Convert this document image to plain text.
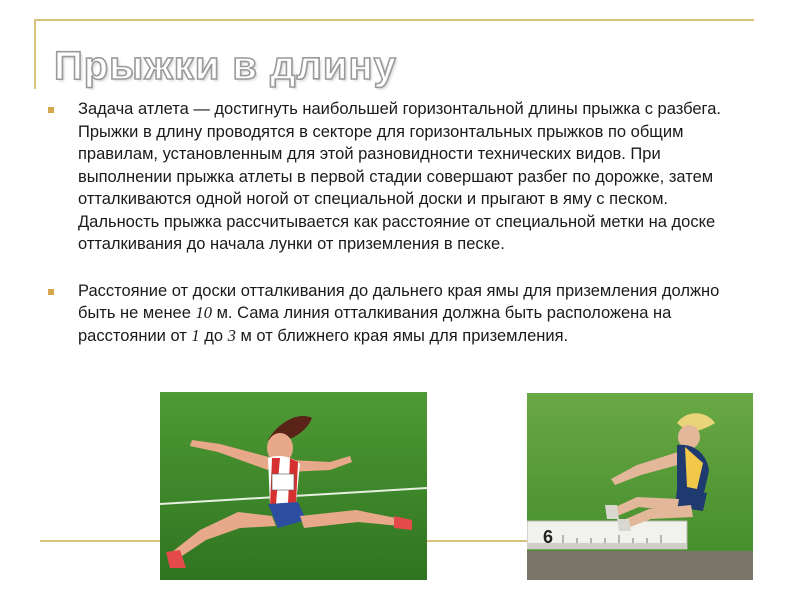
Прыжки в длину
Задача атлета — достигнуть наибольшей горизонтальной длины прыжка с разбега. Прыжки в длину проводятся в секторе для горизонтальных прыжков по общим правилам, установленным для этой разновидности технических видов. При выполнении прыжка атлеты в первой стадии совершают разбег по дорожке, затем отталкиваются одной ногой от специальной доски и прыгают в яму с песком. Дальность прыжка рассчитывается как расстояние от специальной метки на доске отталкивания до начала лунки от приземления в песке.
Расстояние от доски отталкивания до дальнего края ямы для приземления должно быть не менее 10 м. Сама линия отталкивания должна быть расположена на расстоянии от 1 до 3 м от ближнего края ямы для приземления.
6
